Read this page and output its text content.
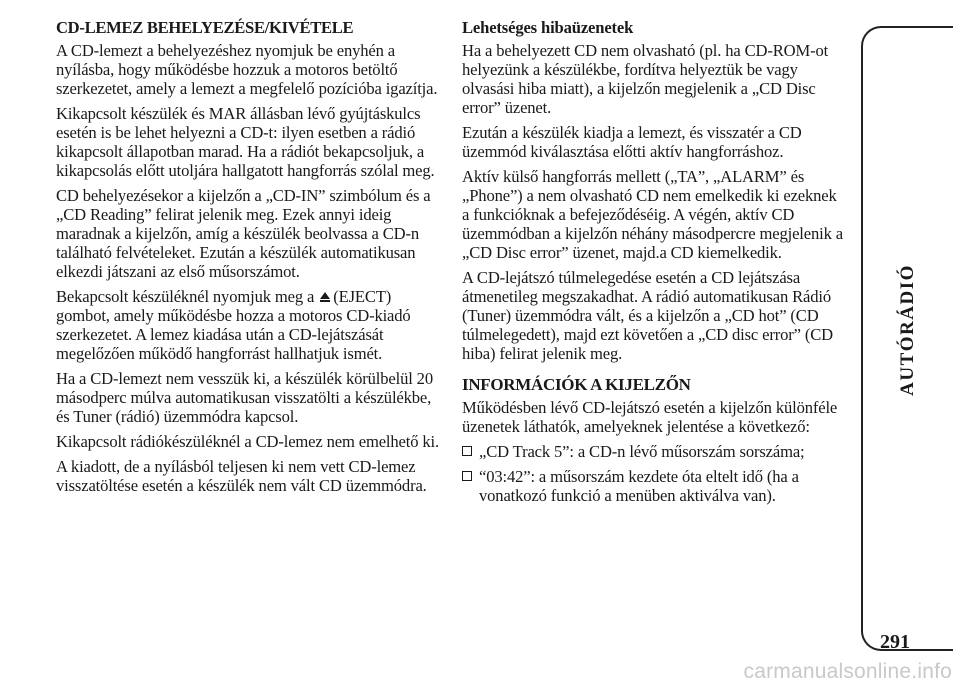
CD-LEMEZ BEHELYEZÉSE/KIVÉTELE

A CD-lemezt a behelyezéshez nyomjuk be enyhén a nyílásba, hogy működésbe hozzuk a motoros betöltő szerkezetet, amely a lemezt a megfelelő pozícióba igazítja.

Kikapcsolt készülék és MAR állásban lévő gyújtáskulcs esetén is be lehet helyezni a CD-t: ilyen esetben a rádió kikapcsolt állapotban marad. Ha a rádiót bekapcsoljuk, a kikapcsolás előtt utoljára hallgatott hangforrás szólal meg.

CD behelyezésekor a kijelzőn a „CD-IN” szimbólum és a „CD Reading” felirat jelenik meg. Ezek annyi ideig maradnak a kijelzőn, amíg a készülék beolvassa a CD-n található felvételeket. Ezután a készülék automatikusan elkezdi játszani az első műsorszámot.

Bekapcsolt készüléknél nyomjuk meg a (EJECT) gombot, amely működésbe hozza a motoros CD-kiadó szerkezetet. A lemez kiadása után a CD-lejátszását megelőzően működő hangforrást hallhatjuk ismét.

Ha a CD-lemezt nem vesszük ki, a készülék körülbelül 20 másodperc múlva automatikusan visszatölti a készülékbe, és Tuner (rádió) üzemmódra kapcsol.

Kikapcsolt rádiókészüléknél a CD-lemez nem emelhető ki.

A kiadott, de a nyílásból teljesen ki nem vett CD-lemez visszatöltése esetén a készülék nem vált CD üzemmódra.

Lehetséges hibaüzenetek

Ha a behelyezett CD nem olvasható (pl. ha CD-ROM-ot helyezünk a készülékbe, fordítva helyeztük be vagy olvasási hiba miatt), a kijelzőn megjelenik a „CD Disc error” üzenet.

Ezután a készülék kiadja a lemezt, és visszatér a CD üzemmód kiválasztása előtti aktív hangforráshoz.

Aktív külső hangforrás mellett („TA”, „ALARM” és „Phone”) a nem olvasható CD nem emelkedik ki ezeknek a funkcióknak a befejeződéséig. A végén, aktív CD üzemmódban a kijelzőn néhány másodpercre megjelenik a „CD Disc error” üzenet, majd.a CD kiemelkedik.

A CD-lejátszó túlmelegedése esetén a CD lejátszása átmenetileg megszakadhat. A rádió automatikusan Rádió (Tuner) üzemmódra vált, és a kijelzőn a „CD hot” (CD túlmelegedett), majd ezt követően a „CD disc error” (CD hiba) felirat jelenik meg.

INFORMÁCIÓK A KIJELZŐN

Működésben lévő CD-lejátszó esetén a kijelzőn különféle üzenetek láthatók, amelyeknek jelentése a következő:

„CD Track 5”: a CD-n lévő műsorszám sorszáma;
“03:42”: a műsorszám kezdete óta eltelt idő (ha a vonatkozó funkció a menüben aktiválva van).
AUTÓRÁDIÓ
291
carmanualsonline.info
